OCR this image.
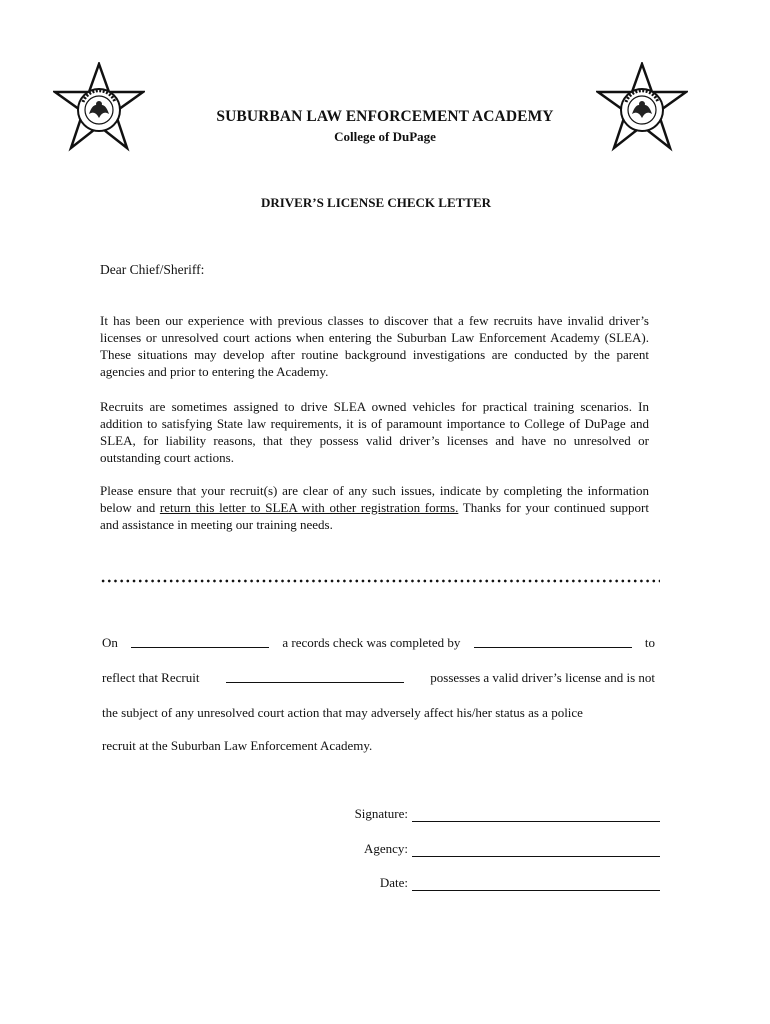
SUBURBAN LAW ENFORCEMENT ACADEMY
College of DuPage
DRIVER’S LICENSE CHECK LETTER
Dear Chief/Sheriff:
It has been our experience with previous classes to discover that a few recruits have invalid driver’s licenses or unresolved court actions when entering the Suburban Law Enforcement Academy (SLEA). These situations may develop after routine background investigations are conducted by the parent agencies and prior to entering the Academy.
Recruits are sometimes assigned to drive SLEA owned vehicles for practical training scenarios. In addition to satisfying State law requirements, it is of paramount importance to College of DuPage and SLEA, for liability reasons, that they possess valid driver’s licenses and have no unresolved or outstanding court actions.
Please ensure that your recruit(s) are clear of any such issues, indicate by completing the information below and return this letter to SLEA with other registration forms. Thanks for your continued support and assistance in meeting our training needs.
On	a records check was completed by	to
reflect that Recruit	possesses a valid driver’s license and is not
the subject of any unresolved court action that may adversely affect his/her status as a police
recruit at the Suburban Law Enforcement Academy.
Signature:
Agency:
Date:
